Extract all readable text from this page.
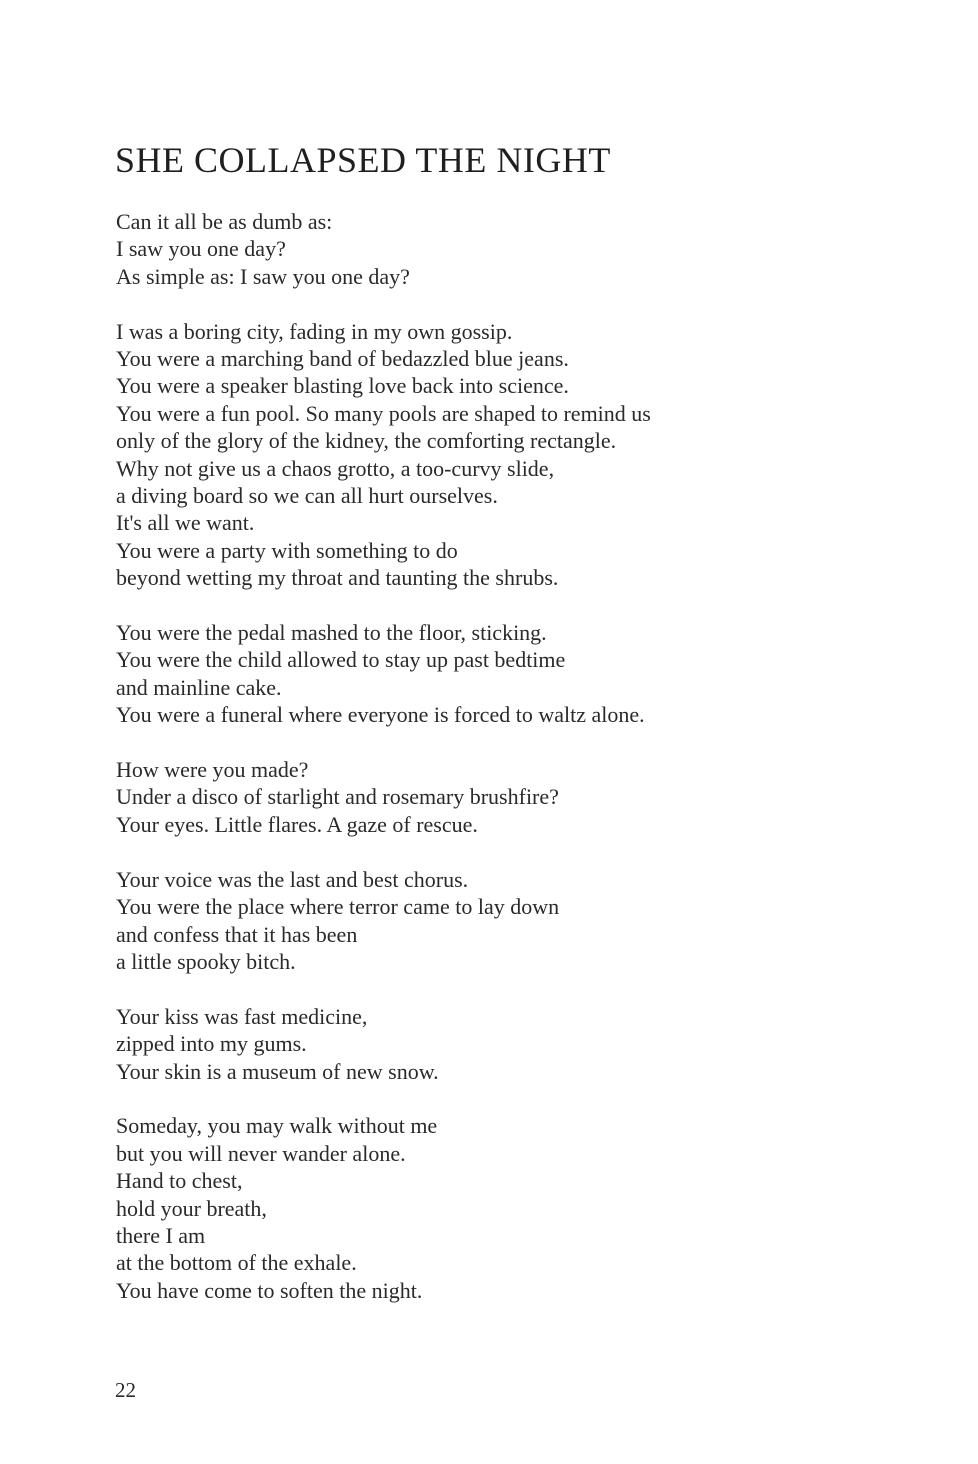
SHE COLLAPSED THE NIGHT

Can it all be as dumb as:
I saw you one day?
As simple as: I saw you one day?

I was a boring city, fading in my own gossip.
You were a marching band of bedazzled blue jeans.
You were a speaker blasting love back into science.
You were a fun pool. So many pools are shaped to remind us
only of the glory of the kidney, the comforting rectangle.
Why not give us a chaos grotto, a too-curvy slide,
a diving board so we can all hurt ourselves.
It's all we want.
You were a party with something to do
beyond wetting my throat and taunting the shrubs.

You were the pedal mashed to the floor, sticking.
You were the child allowed to stay up past bedtime
and mainline cake.
You were a funeral where everyone is forced to waltz alone.

How were you made?
Under a disco of starlight and rosemary brushfire?
Your eyes. Little flares. A gaze of rescue.

Your voice was the last and best chorus.
You were the place where terror came to lay down
and confess that it has been
a little spooky bitch.

Your kiss was fast medicine,
zipped into my gums.
Your skin is a museum of new snow.

Someday, you may walk without me
but you will never wander alone.
Hand to chest,
hold your breath,
there I am
at the bottom of the exhale.
You have come to soften the night.

22
